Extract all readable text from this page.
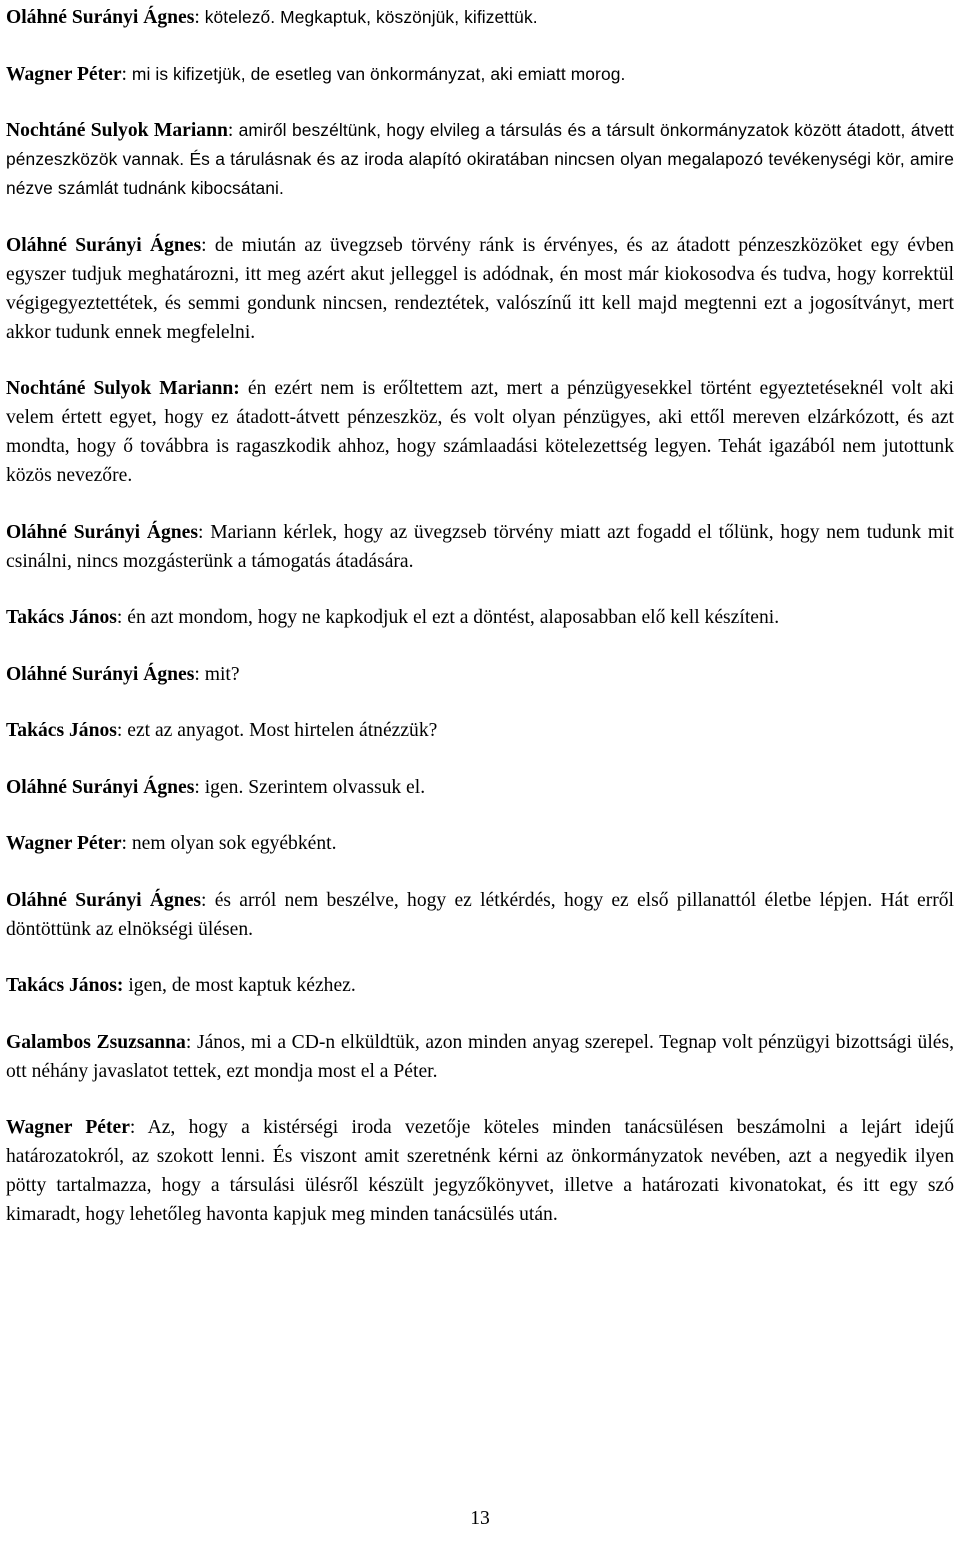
Oláhné Surányi Ágnes: kötelező. Megkaptuk, köszönjük, kifizettük.

Wagner Péter: mi is kifizetjük, de esetleg van önkormányzat, aki emiatt morog.

Nochtáné Sulyok Mariann: amiről beszéltünk, hogy elvileg a társulás és a társult önkormányzatok között átadott, átvett pénzeszközök vannak. És a tárulásnak és az iroda alapító okiratában nincsen olyan megalapozó tevékenységi kör, amire nézve számlát tudnánk kibocsátani.

Oláhné Surányi Ágnes: de miután az üvegzseb törvény ránk is érvényes, és az átadott pénzeszközöket egy évben egyszer tudjuk meghatározni, itt meg azért akut jelleggel is adódnak, én most már kiokosodva és tudva, hogy korrektül végigegyeztettétek, és semmi gondunk nincsen, rendeztétek, valószínű itt kell majd megtenni ezt a jogosítványt, mert akkor tudunk ennek megfelelni.

Nochtáné Sulyok Mariann: én ezért nem is erőltettem azt, mert a pénzügyesekkel történt egyeztetéseknél volt aki velem értett egyet, hogy ez átadott-átvett pénzeszköz, és volt olyan pénzügyes, aki ettől mereven elzárkózott, és azt mondta, hogy ő továbbra is ragaszkodik ahhoz, hogy számlaadási kötelezettség legyen. Tehát igazából nem jutottunk közös nevezőre.

Oláhné Surányi Ágnes: Mariann kérlek, hogy az üvegzseb törvény miatt azt fogadd el tőlünk, hogy nem tudunk mit csinálni, nincs mozgásterünk a támogatás átadására.

Takács János: én azt mondom, hogy ne kapkodjuk el ezt a döntést, alaposabban elő kell készíteni.

Oláhné Surányi Ágnes: mit?

Takács János: ezt az anyagot. Most hirtelen átnézzük?

Oláhné Surányi Ágnes: igen. Szerintem olvassuk el.

Wagner Péter: nem olyan sok egyébként.

Oláhné Surányi Ágnes: és arról nem beszélve, hogy ez létkérdés, hogy ez első pillanattól életbe lépjen. Hát erről döntöttünk az elnökségi ülésen.

Takács János: igen, de most kaptuk kézhez.

Galambos Zsuzsanna: János, mi a CD-n elküldtük, azon minden anyag szerepel. Tegnap volt pénzügyi bizottsági ülés, ott néhány javaslatot tettek, ezt mondja most el a Péter.

Wagner Péter: Az, hogy a kistérségi iroda vezetője köteles minden tanácsülésen beszámolni a lejárt idejű határozatokról, az szokott lenni. És viszont amit szeretnénk kérni az önkormányzatok nevében, azt a negyedik ilyen pötty tartalmazza, hogy a társulási ülésről készült jegyzőkönyvet, illetve a határozati kivonatokat, és itt egy szó kimaradt, hogy lehetőleg havonta kapjuk meg minden tanácsülés után.

13
